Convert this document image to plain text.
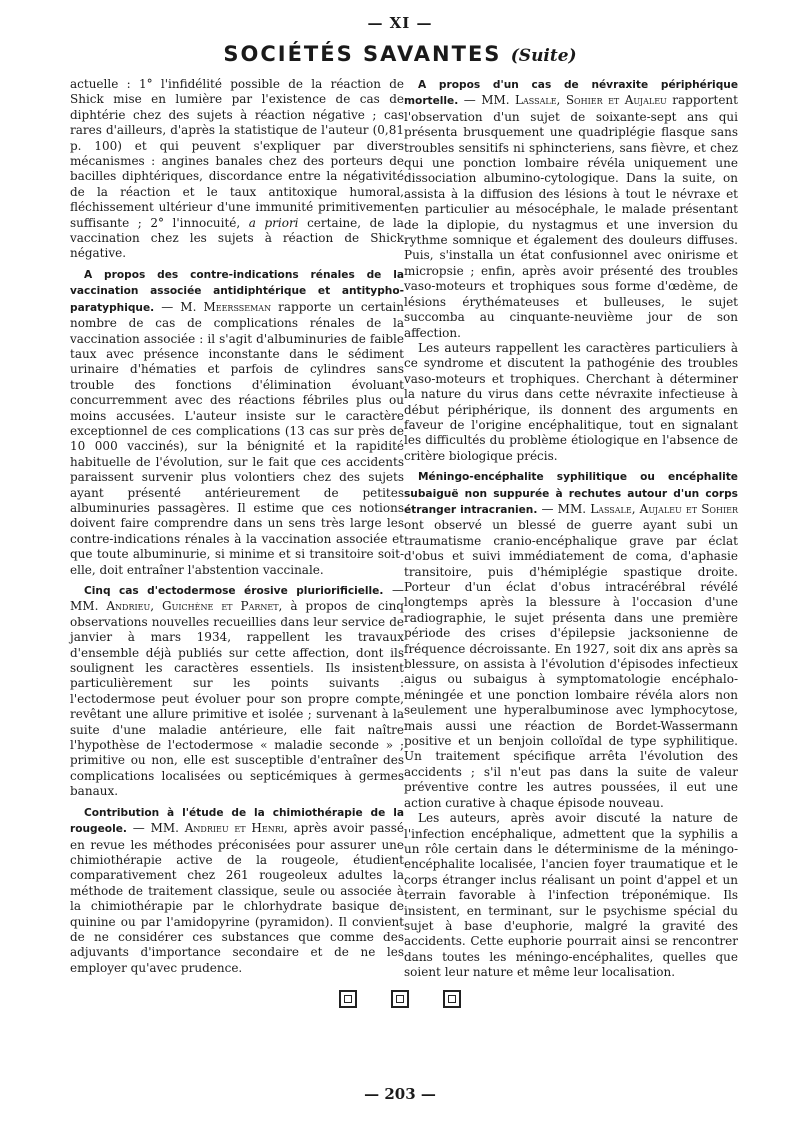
— XI —
SOCIÉTÉS SAVANTES (Suite)

actuelle : 1° l'infidélité possible de la réaction de Shick mise en lumière par l'existence de cas de diphtérie chez des sujets à réaction négative ; cas rares d'ailleurs, d'après la statistique de l'auteur (0,81 p. 100) et qui peuvent s'expliquer par divers mécanismes : angines banales chez des porteurs de bacilles diphtériques, discordance entre la négativité de la réaction et le taux antitoxique humoral, fléchissement ultérieur d'une immunité primitivement suffisante ; 2° l'innocuité, a priori certaine, de la vaccination chez les sujets à réaction de Shick négative.

A propos des contre-indications rénales de la vaccination associée antidiphtérique et antitypho-paratyphique. — M. Meersseman rapporte un certain nombre de cas de complications rénales de la vaccination associée : il s'agit d'albuminuries de faible taux avec présence inconstante dans le sédiment urinaire d'hématies et parfois de cylindres sans trouble des fonctions d'élimination évoluant concurremment avec des réactions fébriles plus ou moins accusées. L'auteur insiste sur le caractère exceptionnel de ces complications (13 cas sur près de 10 000 vaccinés), sur la bénignité et la rapidité habituelle de l'évolution, sur le fait que ces accidents paraissent survenir plus volontiers chez des sujets ayant présenté antérieurement de petites albuminuries passagères. Il estime que ces notions doivent faire comprendre dans un sens très large les contre-indications rénales à la vaccination associée et que toute albuminurie, si minime et si transitoire soit-elle, doit entraîner l'abstention vaccinale.

Cinq cas d'ectodermose érosive pluriorificielle. — MM. Andrieu, Guichène et Parnet, à propos de cinq observations nouvelles recueillies dans leur service de janvier à mars 1934, rappellent les travaux d'ensemble déjà publiés sur cette affection, dont ils soulignent les caractères essentiels. Ils insistent particulièrement sur les points suivants : l'ectodermose peut évoluer pour son propre compte, revêtant une allure primitive et isolée ; survenant à la suite d'une maladie antérieure, elle fait naître l'hypothèse de l'ectodermose « maladie seconde » ; primitive ou non, elle est susceptible d'entraîner des complications localisées ou septicémiques à germes banaux.

Contribution à l'étude de la chimiothérapie de la rougeole. — MM. Andrieu et Henri, après avoir passé en revue les méthodes préconisées pour assurer une chimiothérapie active de la rougeole, étudient comparativement chez 261 rougeoleux adultes la méthode de traitement classique, seule ou associée à la chimiothérapie par le chlorhydrate basique de quinine ou par l'amidopyrine (pyramidon). Il convient de ne considérer ces substances que comme des adjuvants d'importance secondaire et de ne les employer qu'avec prudence.

A propos d'un cas de névraxite périphérique mortelle. — MM. Lassale, Sohier et Aujaleu rapportent l'observation d'un sujet de soixante-sept ans qui présenta brusquement une quadriplégie flasque sans troubles sensitifs ni sphincteriens, sans fièvre, et chez qui une ponction lombaire révéla uniquement une dissociation albumino-cytologique. Dans la suite, on assista à la diffusion des lésions à tout le névraxe et en particulier au mésocéphale, le malade présentant de la diplopie, du nystagmus et une inversion du rythme somnique et également des douleurs diffuses. Puis, s'installa un état confusionnel avec onirisme et micropsie ; enfin, après avoir présenté des troubles vaso-moteurs et trophiques sous forme d'œdème, de lésions érythémateuses et bulleuses, le sujet succomba au cinquante-neuvième jour de son affection.

Les auteurs rappellent les caractères particuliers à ce syndrome et discutent la pathogénie des troubles vaso-moteurs et trophiques. Cherchant à déterminer la nature du virus dans cette névraxite infectieuse à début périphérique, ils donnent des arguments en faveur de l'origine encéphalitique, tout en signalant les difficultés du problème étiologique en l'absence de critère biologique précis.

Méningo-encéphalite syphilitique ou encéphalite subaiguë non suppurée à rechutes autour d'un corps étranger intracranien. — MM. Lassale, Aujaleu et Sohier ont observé un blessé de guerre ayant subi un traumatisme cranio-encéphalique grave par éclat d'obus et suivi immédiatement de coma, d'aphasie transitoire, puis d'hémiplégie spastique droite. Porteur d'un éclat d'obus intracérébral révélé longtemps après la blessure à l'occasion d'une radiographie, le sujet présenta dans une première période des crises d'épilepsie jacksonienne de fréquence décroissante. En 1927, soit dix ans après sa blessure, on assista à l'évolution d'épisodes infectieux aigus ou subaigus à symptomatologie encéphalo-méningée et une ponction lombaire révéla alors non seulement une hyperalbuminose avec lymphocytose, mais aussi une réaction de Bordet-Wassermann positive et un benjoin colloïdal de type syphilitique. Un traitement spécifique arrêta l'évolution des accidents ; s'il n'eut pas dans la suite de valeur préventive contre les autres poussées, il eut une action curative à chaque épisode nouveau.

Les auteurs, après avoir discuté la nature de l'infection encéphalique, admettent que la syphilis a un rôle certain dans le déterminisme de la méningo-encéphalite localisée, l'ancien foyer traumatique et le corps étranger inclus réalisant un point d'appel et un terrain favorable à l'infection tréponémique. Ils insistent, en terminant, sur le psychisme spécial du sujet à base d'euphorie, malgré la gravité des accidents. Cette euphorie pourrait ainsi se rencontrer dans toutes les méningo-encéphalites, quelles que soient leur nature et même leur localisation.

— 203 —
